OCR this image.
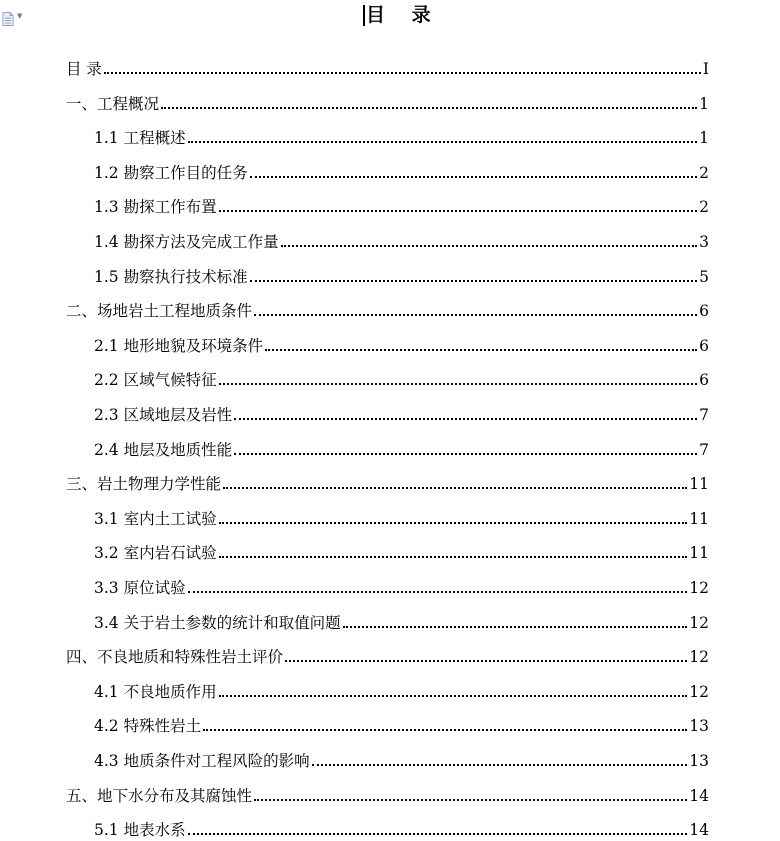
▼	目 录
目 录	I
一、工程概况	1
1.1 工程概述	1
1.2 勘察工作目的任务	2
1.3 勘探工作布置	2
1.4 勘探方法及完成工作量	3
1.5 勘察执行技术标准	5
二、场地岩土工程地质条件	6
2.1 地形地貌及环境条件	6
2.2 区域气候特征	6
2.3 区域地层及岩性	7
2.4 地层及地质性能	7
三、岩土物理力学性能	11
3.1 室内土工试验	11
3.2 室内岩石试验	11
3.3 原位试验	12
3.4 关于岩土参数的统计和取值问题	12
四、不良地质和特殊性岩土评价	12
4.1 不良地质作用	12
4.2 特殊性岩土	13
4.3 地质条件对工程风险的影响	13
五、地下水分布及其腐蚀性	14
5.1 地表水系	14
